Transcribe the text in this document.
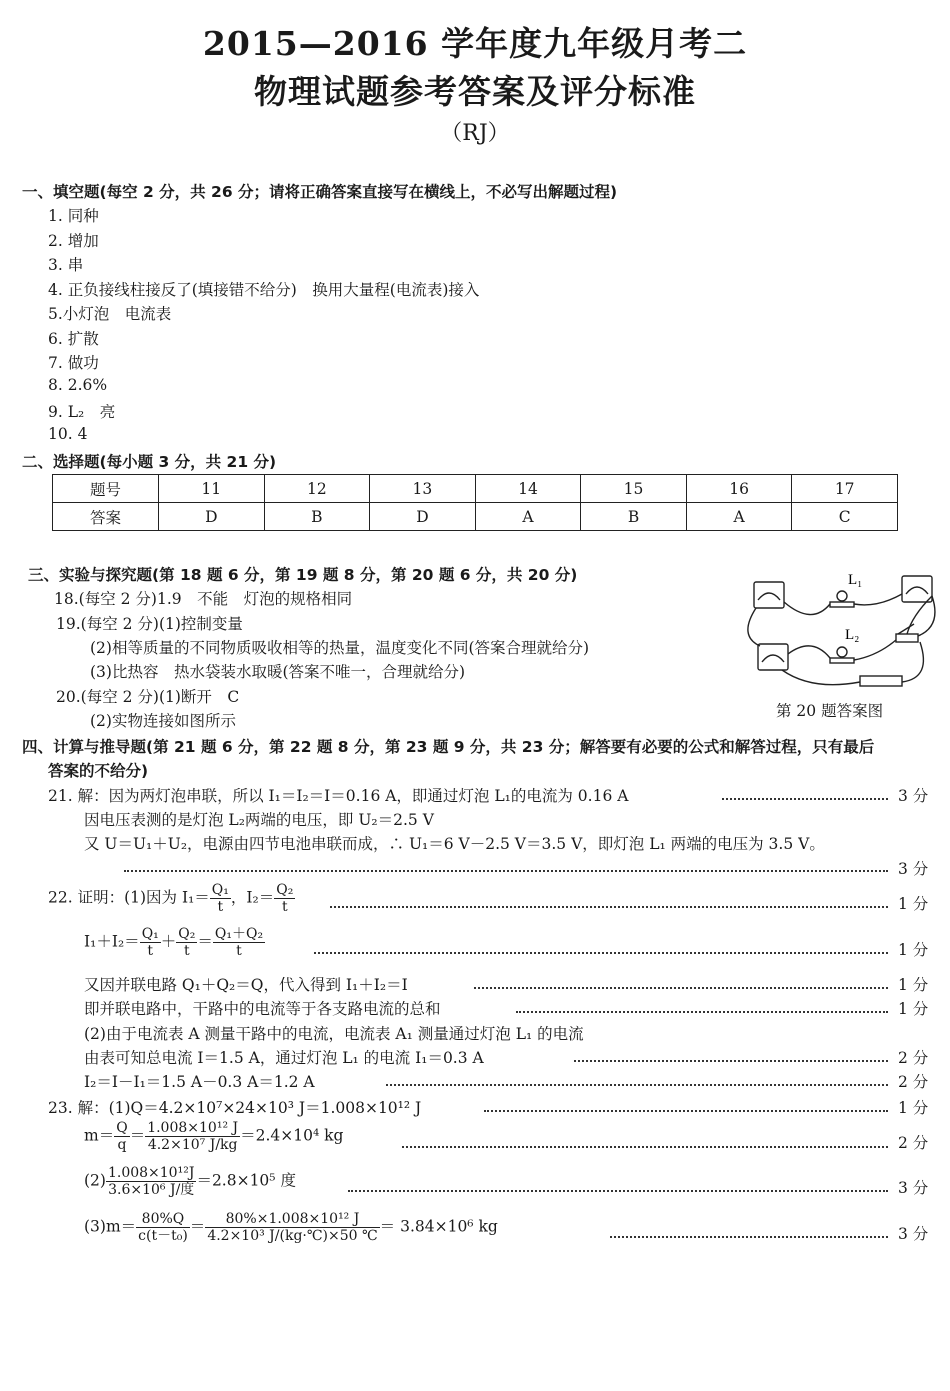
2015—2016 学年度九年级月考二
物理试题参考答案及评分标准
（RJ）
一、填空题(每空 2 分，共 26 分；请将正确答案直接写在横线上，不必写出解题过程)
1. 同种
2. 增加
3. 串
4. 正负接线柱接反了(填接错不给分)　换用大量程(电流表)接入
5.小灯泡　电流表
6. 扩散
7. 做功
8. 2.6%
9. L₂　亮
10. 4
二、选择题(每小题 3 分，共 21 分)
题号	11	12	13	14	15	16	17
答案	D	B	D	A	B	A	C
三、实验与探究题(第 18 题 6 分，第 19 题 8 分，第 20 题 6 分，共 20 分)
18.(每空 2 分)1.9　不能　灯泡的规格相同
19.(每空 2 分)(1)控制变量
(2)相等质量的不同物质吸收相等的热量，温度变化不同(答案合理就给分)
(3)比热容　热水袋装水取暖(答案不唯一，合理就给分)
20.(每空 2 分)(1)断开　C
(2)实物连接如图所示
L₁
L₂
第 20 题答案图
四、计算与推导题(第 21 题 6 分，第 22 题 8 分，第 23 题 9 分，共 23 分；解答要有必要的公式和解答过程，只有最后
答案的不给分)
21. 解：因为两灯泡串联，所以 I₁＝I₂＝I＝0.16 A，即通过灯泡 L₁的电流为 0.16 A	3 分
因电压表测的是灯泡 L₂两端的电压，即 U₂＝2.5 V
又 U＝U₁＋U₂，电源由四节电池串联而成，∴ U₁＝6 V－2.5 V＝3.5 V，即灯泡 L₁ 两端的电压为 3.5 V。
3 分
22. 证明：(1)因为 $I_1= \frac{\text{Q₁}}{t}$ ，$I_2= \frac{\text{Q₂}}{t}$	1 分
$I_1+I_2= \frac{\text{Q₁}}{t} + \frac{\text{Q₂}}{t} = \frac{\text{Q₁＋Q₂}}{t}$	1 分
又因并联电路 Q₁＋Q₂＝Q，代入得到 I₁＋I₂＝I	1 分
即并联电路中，干路中的电流等于各支路电流的总和	1 分
(2)由于电流表 A 测量干路中的电流，电流表 A₁ 测量通过灯泡 L₁ 的电流
由表可知总电流 I＝1.5 A，通过灯泡 L₁ 的电流 I₁＝0.3 A	2 分
I₂＝I－I₁＝1.5 A－0.3 A＝1.2 A	2 分
23. 解：(1)Q＝4.2×10⁷×24×10³ J＝1.008×10¹² J	1 分
$m= \frac{Q}{q} = \frac{\text{1.008×10¹² J}}{\text{4.2×10⁷ J/kg}} =2.4\times 10^4$ kg	2 分
$(2) \frac{\text{1.008×10¹²J}}{\text{3.6×10⁶ J/度}} =2.8\times 10^5$ 度	3 分
$(3)m= \frac{80\%Q}{\text{c(t－t₀)}} = \frac{\text{80\%×1.008×10¹² J}}{\text{4.2×10³ J/(kg·℃)×50 ℃}} = 3.84\times 10^6$ kg	3 分
